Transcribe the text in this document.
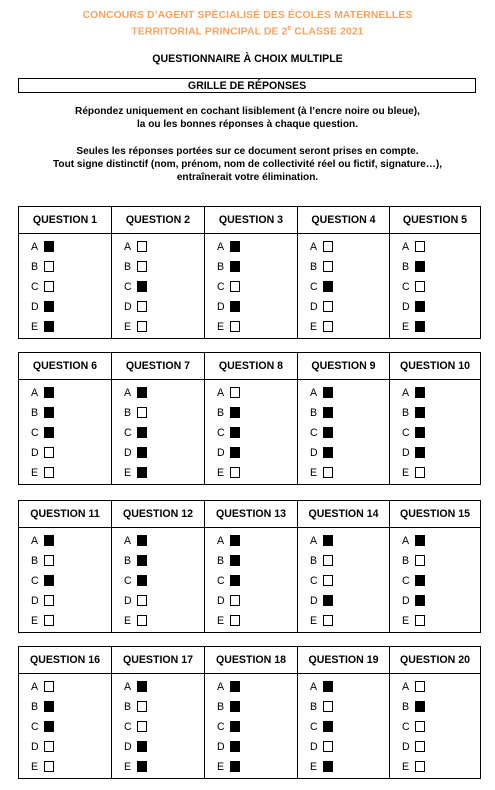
CONCOURS D’AGENT SPÉCIALISÉ DES ÉCOLES MATERNELLES
TERRITORIAL PRINCIPAL DE 2e CLASSE 2021
QUESTIONNAIRE À CHOIX MULTIPLE
GRILLE DE RÉPONSES
Répondez uniquement en cochant lisiblement (à l’encre noire ou bleue),
la ou les bonnes réponses à chaque question.
Seules les réponses portées sur ce document seront prises en compte.
Tout signe distinctif (nom, prénom, nom de collectivité réel ou fictif, signature…),
entraînerait votre élimination.
QUESTION 1
A
B
C
D
E
QUESTION 2
A
B
C
D
E
QUESTION 3
A
B
C
D
E
QUESTION 4
A
B
C
D
E
QUESTION 5
A
B
C
D
E
QUESTION 6
A
B
C
D
E
QUESTION 7
A
B
C
D
E
QUESTION 8
A
B
C
D
E
QUESTION 9
A
B
C
D
E
QUESTION 10
A
B
C
D
E
QUESTION 11
A
B
C
D
E
QUESTION 12
A
B
C
D
E
QUESTION 13
A
B
C
D
E
QUESTION 14
A
B
C
D
E
QUESTION 15
A
B
C
D
E
QUESTION 16
A
B
C
D
E
QUESTION 17
A
B
C
D
E
QUESTION 18
A
B
C
D
E
QUESTION 19
A
B
C
D
E
QUESTION 20
A
B
C
D
E
